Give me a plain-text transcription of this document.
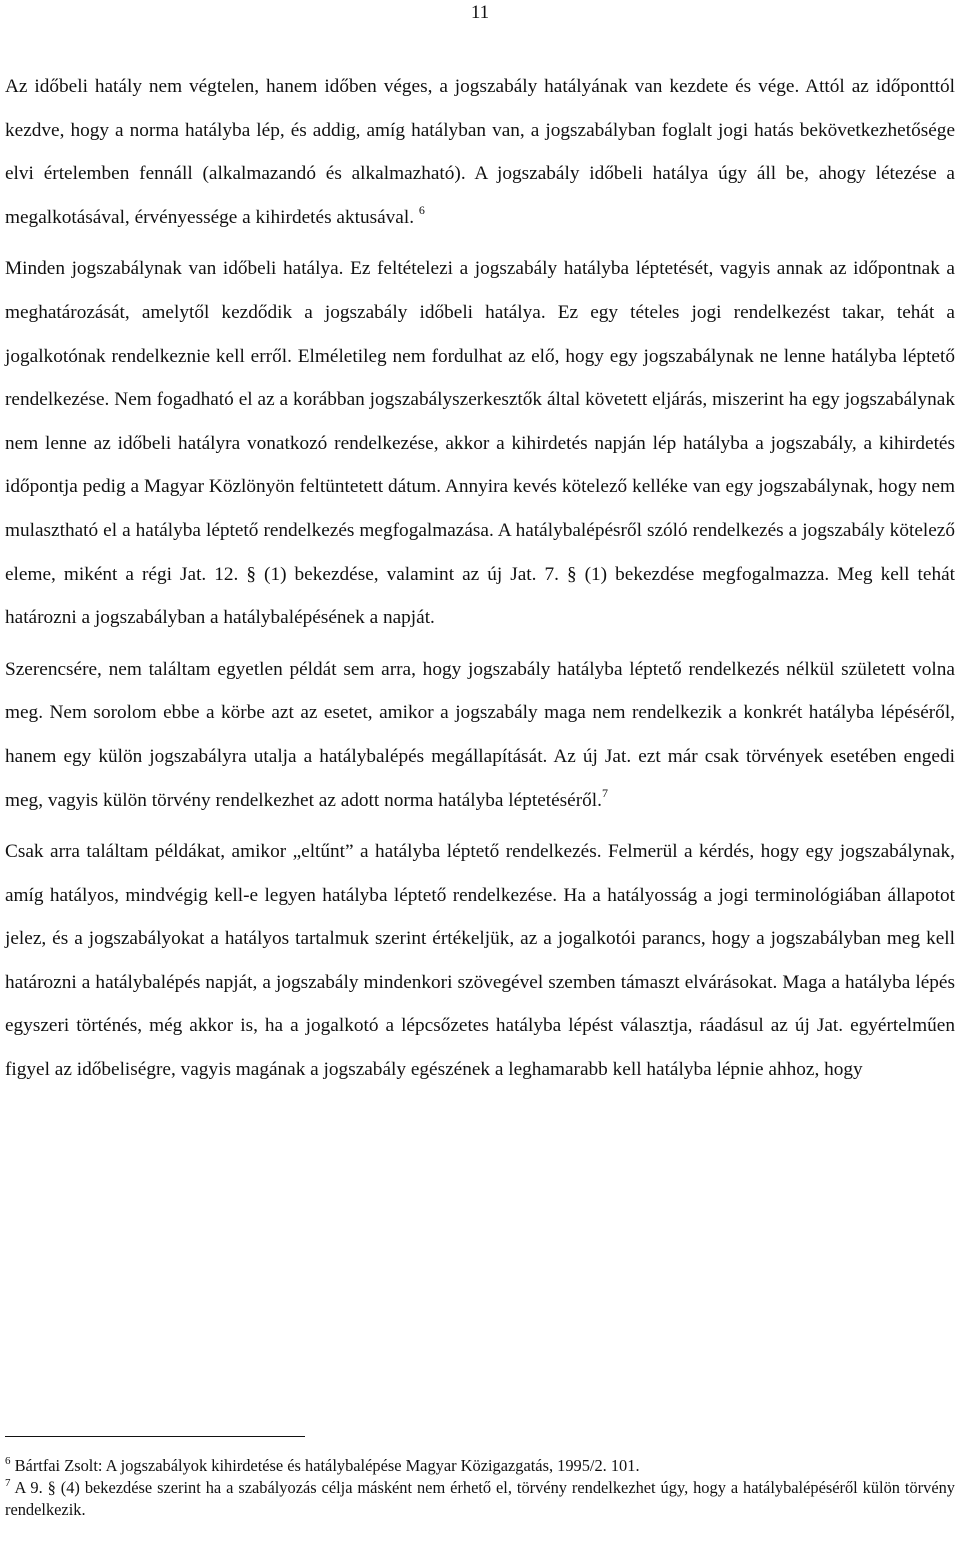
11

Az időbeli hatály nem végtelen, hanem időben véges, a jogszabály hatályának van kezdete és vége. Attól az időponttól kezdve, hogy a norma hatályba lép, és addig, amíg hatályban van, a jogszabályban foglalt jogi hatás bekövetkezhetősége elvi értelemben fennáll (alkalmazandó és alkalmazható). A jogszabály időbeli hatálya úgy áll be, ahogy létezése a megalkotásával, érvényessége a kihirdetés aktusával. $^6$

Minden jogszabálynak van időbeli hatálya. Ez feltételezi a jogszabály hatályba léptetését, vagyis annak az időpontnak a meghatározását, amelytől kezdődik a jogszabály időbeli hatálya. Ez egy tételes jogi rendelkezést takar, tehát a jogalkotónak rendelkeznie kell erről. Elméletileg nem fordulhat az elő, hogy egy jogszabálynak ne lenne hatályba léptető rendelkezése. Nem fogadható el az a korábban jogszabályszerkesztők által követett eljárás, miszerint ha egy jogszabálynak nem lenne az időbeli hatályra vonatkozó rendelkezése, akkor a kihirdetés napján lép hatályba a jogszabály, a kihirdetés időpontja pedig a Magyar Közlönyön feltüntetett dátum. Annyira kevés kötelező kelléke van egy jogszabálynak, hogy nem mulasztható el a hatályba léptető rendelkezés megfogalmazása. A hatálybalépésről szóló rendelkezés a jogszabály kötelező eleme, miként a régi Jat. 12. § (1) bekezdése, valamint az új Jat. 7. § (1) bekezdése megfogalmazza. Meg kell tehát határozni a jogszabályban a hatálybalépésének a napját.

Szerencsére, nem találtam egyetlen példát sem arra, hogy jogszabály hatályba léptető rendelkezés nélkül született volna meg. Nem sorolom ebbe a körbe azt az esetet, amikor a jogszabály maga nem rendelkezik a konkrét hatályba lépéséről, hanem egy külön jogszabályra utalja a hatálybalépés megállapítását. Az új Jat. ezt már csak törvények esetében engedi meg, vagyis külön törvény rendelkezhet az adott norma hatályba léptetéséről.$^7$

Csak arra találtam példákat, amikor „eltűnt” a hatályba léptető rendelkezés. Felmerül a kérdés, hogy egy jogszabálynak, amíg hatályos, mindvégig kell-e legyen hatályba léptető rendelkezése. Ha a hatályosság a jogi terminológiában állapotot jelez, és a jogszabályokat a hatályos tartalmuk szerint értékeljük, az a jogalkotói parancs, hogy a jogszabályban meg kell határozni a hatálybalépés napját, a jogszabály mindenkori szövegével szemben támaszt elvárásokat. Maga a hatályba lépés egyszeri történés, még akkor is, ha a jogalkotó a lépcsőzetes hatályba lépést választja, ráadásul az új Jat. egyértelműen figyel az időbeliségre, vagyis magának a jogszabály egészének a leghamarabb kell hatályba lépnie ahhoz, hogy

$^6$ Bártfai Zsolt: A jogszabályok kihirdetése és hatálybalépése Magyar Közigazgatás, 1995/2. 101.

$^7$ A 9. § (4) bekezdése szerint ha a szabályozás célja másként nem érhető el, törvény rendelkezhet úgy, hogy a hatálybalépéséről külön törvény rendelkezik.
